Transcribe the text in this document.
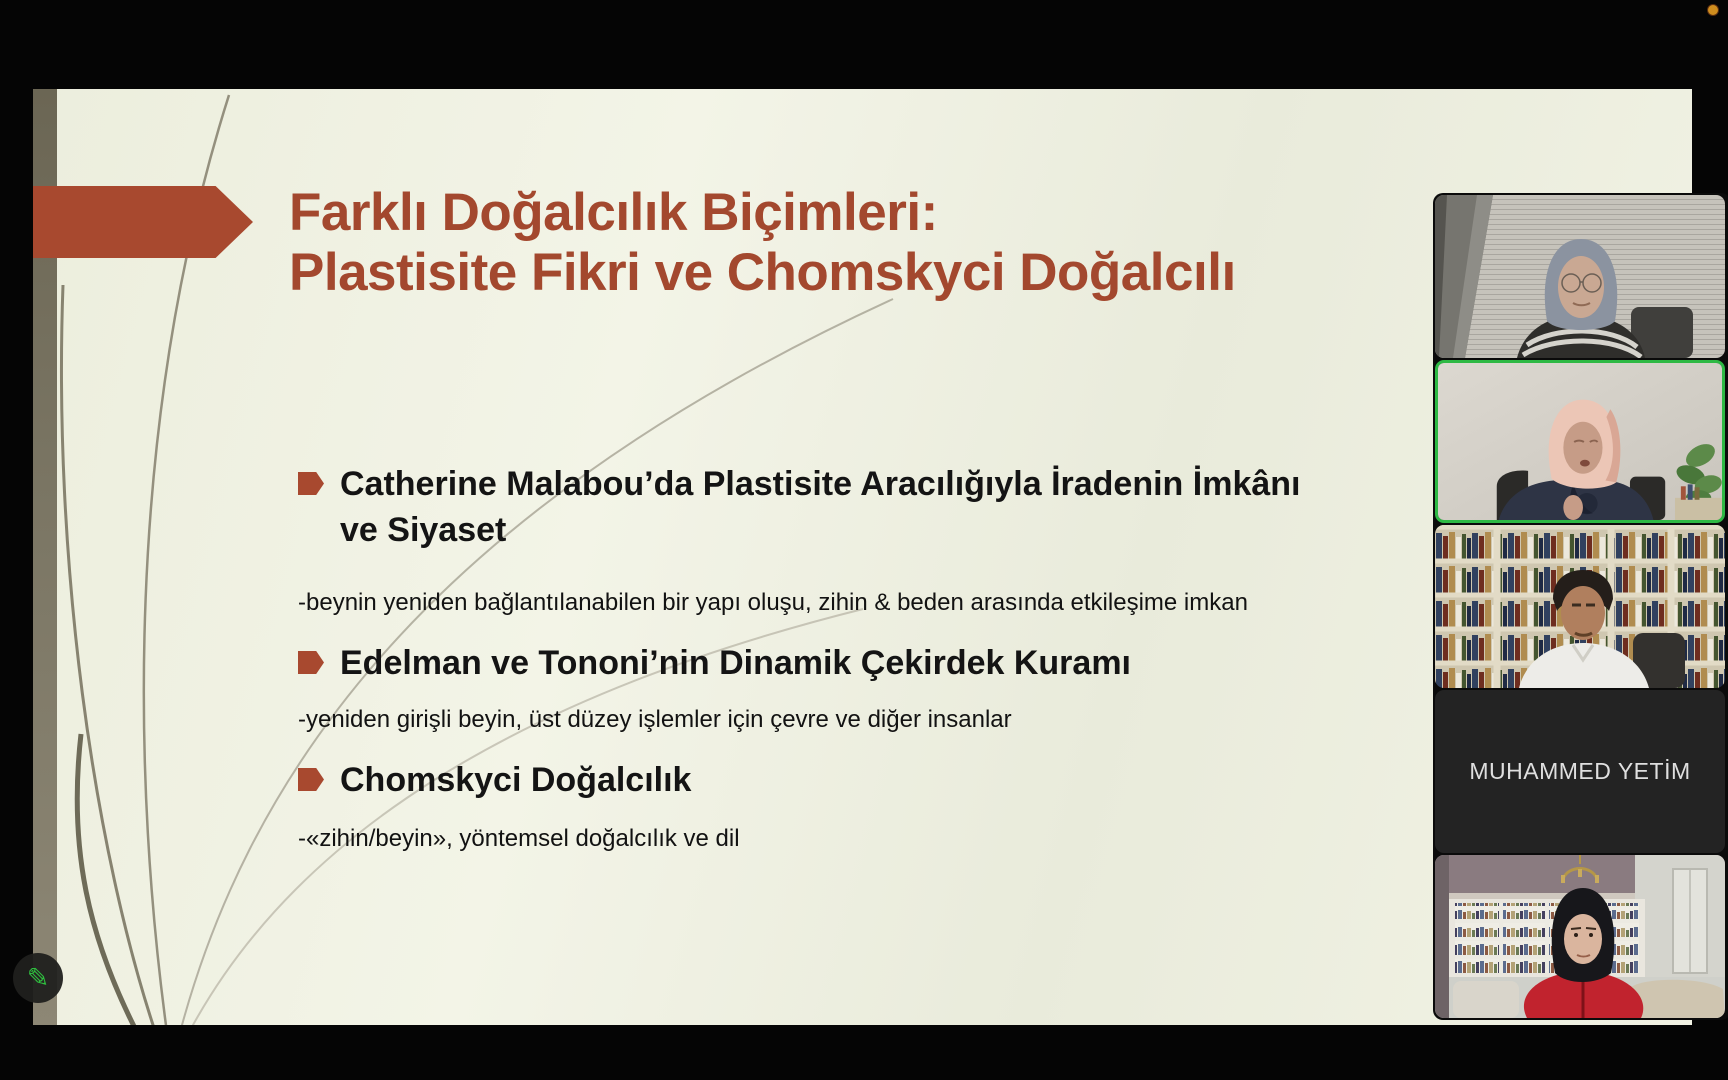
Farklı Doğalcılık Biçimleri:
Plastisite Fikri ve Chomskyci Doğalcılı
Catherine Malabou’da Plastisite Aracılığıyla İradenin İmkânı ve Siyaset
-beynin yeniden bağlantılanabilen bir yapı oluşu, zihin & beden arasında etkileşime imkan
Edelman ve Tononi’nin Dinamik Çekirdek Kuramı
-yeniden girişli beyin, üst düzey işlemler için çevre ve diğer insanlar
Chomskyci Doğalcılık
-«zihin/beyin», yöntemsel doğalcılık ve dil
MUHAMMED YETİM
✎
